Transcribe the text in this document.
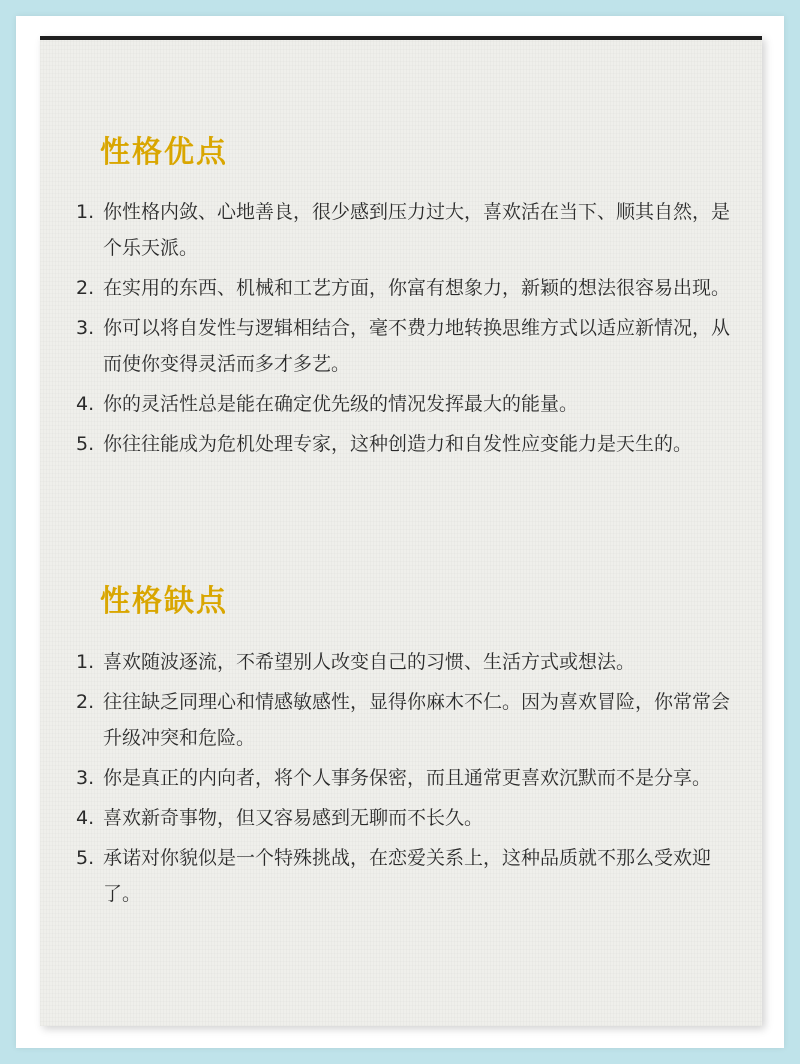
性格优点
1. 你性格内敛、心地善良，很少感到压力过大，喜欢活在当下、顺其自然，是个乐天派。
2. 在实用的东西、机械和工艺方面，你富有想象力，新颖的想法很容易出现。
3. 你可以将自发性与逻辑相结合，毫不费力地转换思维方式以适应新情况，从而使你变得灵活而多才多艺。
4. 你的灵活性总是能在确定优先级的情况发挥最大的能量。
5. 你往往能成为危机处理专家，这种创造力和自发性应变能力是天生的。
性格缺点
1. 喜欢随波逐流，不希望别人改变自己的习惯、生活方式或想法。
2. 往往缺乏同理心和情感敏感性，显得你麻木不仁。因为喜欢冒险，你常常会升级冲突和危险。
3. 你是真正的内向者，将个人事务保密，而且通常更喜欢沉默而不是分享。
4. 喜欢新奇事物，但又容易感到无聊而不长久。
5. 承诺对你貌似是一个特殊挑战，在恋爱关系上，这种品质就不那么受欢迎了。
